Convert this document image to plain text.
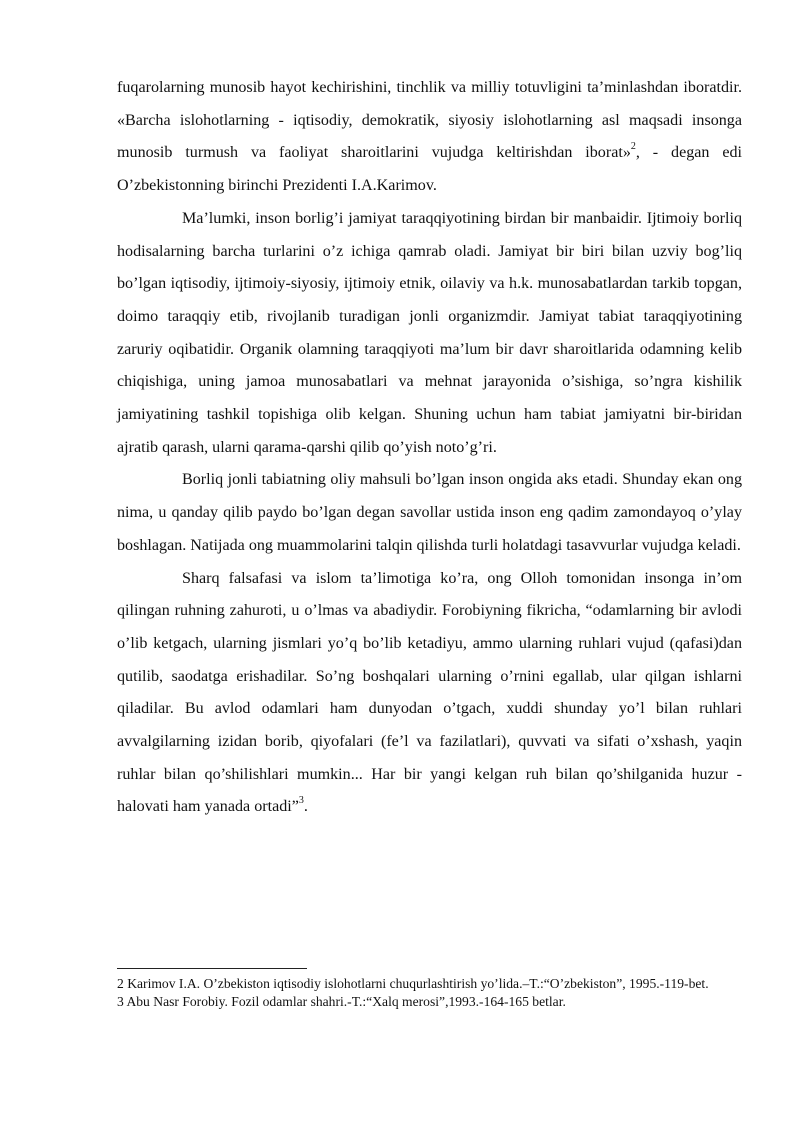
fuqarolarning munosib hayot kechirishini, tinchlik va milliy totuvligini ta’minlashdan iboratdir. «Barcha islohotlarning - iqtisodiy, demokratik, siyosiy islohotlarning asl maqsadi insonga munosib turmush va faoliyat sharoitlarini vujudga keltirishdan iborat»$^2$, - degan edi O’zbekistonning birinchi Prezidenti I.A.Karimov.

Ma’lumki, inson borlig’i jamiyat taraqqiyotining birdan bir manbaidir. Ijtimoiy borliq hodisalarning barcha turlarini o’z ichiga qamrab oladi. Jamiyat bir biri bilan uzviy bog’liq bo’lgan iqtisodiy, ijtimoiy-siyosiy, ijtimoiy etnik, oilaviy va h.k. munosabatlardan tarkib topgan, doimo taraqqiy etib, rivojlanib turadigan jonli organizmdir. Jamiyat tabiat taraqqiyotining zaruriy oqibatidir. Organik olamning taraqqiyoti ma’lum bir davr sharoitlarida odamning kelib chiqishiga, uning jamoa munosabatlari va mehnat jarayonida o’sishiga, so’ngra kishilik jamiyatining tashkil topishiga olib kelgan. Shuning uchun ham tabiat jamiyatni bir-biridan ajratib qarash, ularni qarama-qarshi qilib qo’yish noto’g’ri.

Borliq jonli tabiatning oliy mahsuli bo’lgan inson ongida aks etadi. Shunday ekan ong nima, u qanday qilib paydo bo’lgan degan savollar ustida inson eng qadim zamondayoq o’ylay boshlagan. Natijada ong muammolarini talqin qilishda turli holatdagi tasavvurlar vujudga keladi.

Sharq falsafasi va islom ta’limotiga ko’ra, ong Olloh tomonidan insonga in’om qilingan ruhning zahuroti, u o’lmas va abadiydir. Forobiyning fikricha, “odamlarning bir avlodi o’lib ketgach, ularning jismlari yo’q bo’lib ketadiyu, ammo ularning ruhlari vujud (qafasi)dan qutilib, saodatga erishadilar. So’ng boshqalari ularning o’rnini egallab, ular qilgan ishlarni qiladilar. Bu avlod odamlari ham dunyodan o’tgach, xuddi shunday yo’l bilan ruhlari avvalgilarning izidan borib, qiyofalari (fe’l va fazilatlari), quvvati va sifati o’xshash, yaqin ruhlar bilan qo’shilishlari mumkin... Har bir yangi kelgan ruh bilan qo’shilganida huzur - halovati ham yanada ortadi”$^3$.

2 Karimov I.A. O’zbekiston iqtisodiy islohotlarni chuqurlashtirish yo’lida.–T.:“O’zbekiston”, 1995.-119-bet.

3 Abu Nasr Forobiy. Fozil odamlar shahri.-T.:“Xalq merosi”,1993.-164-165 betlar.
